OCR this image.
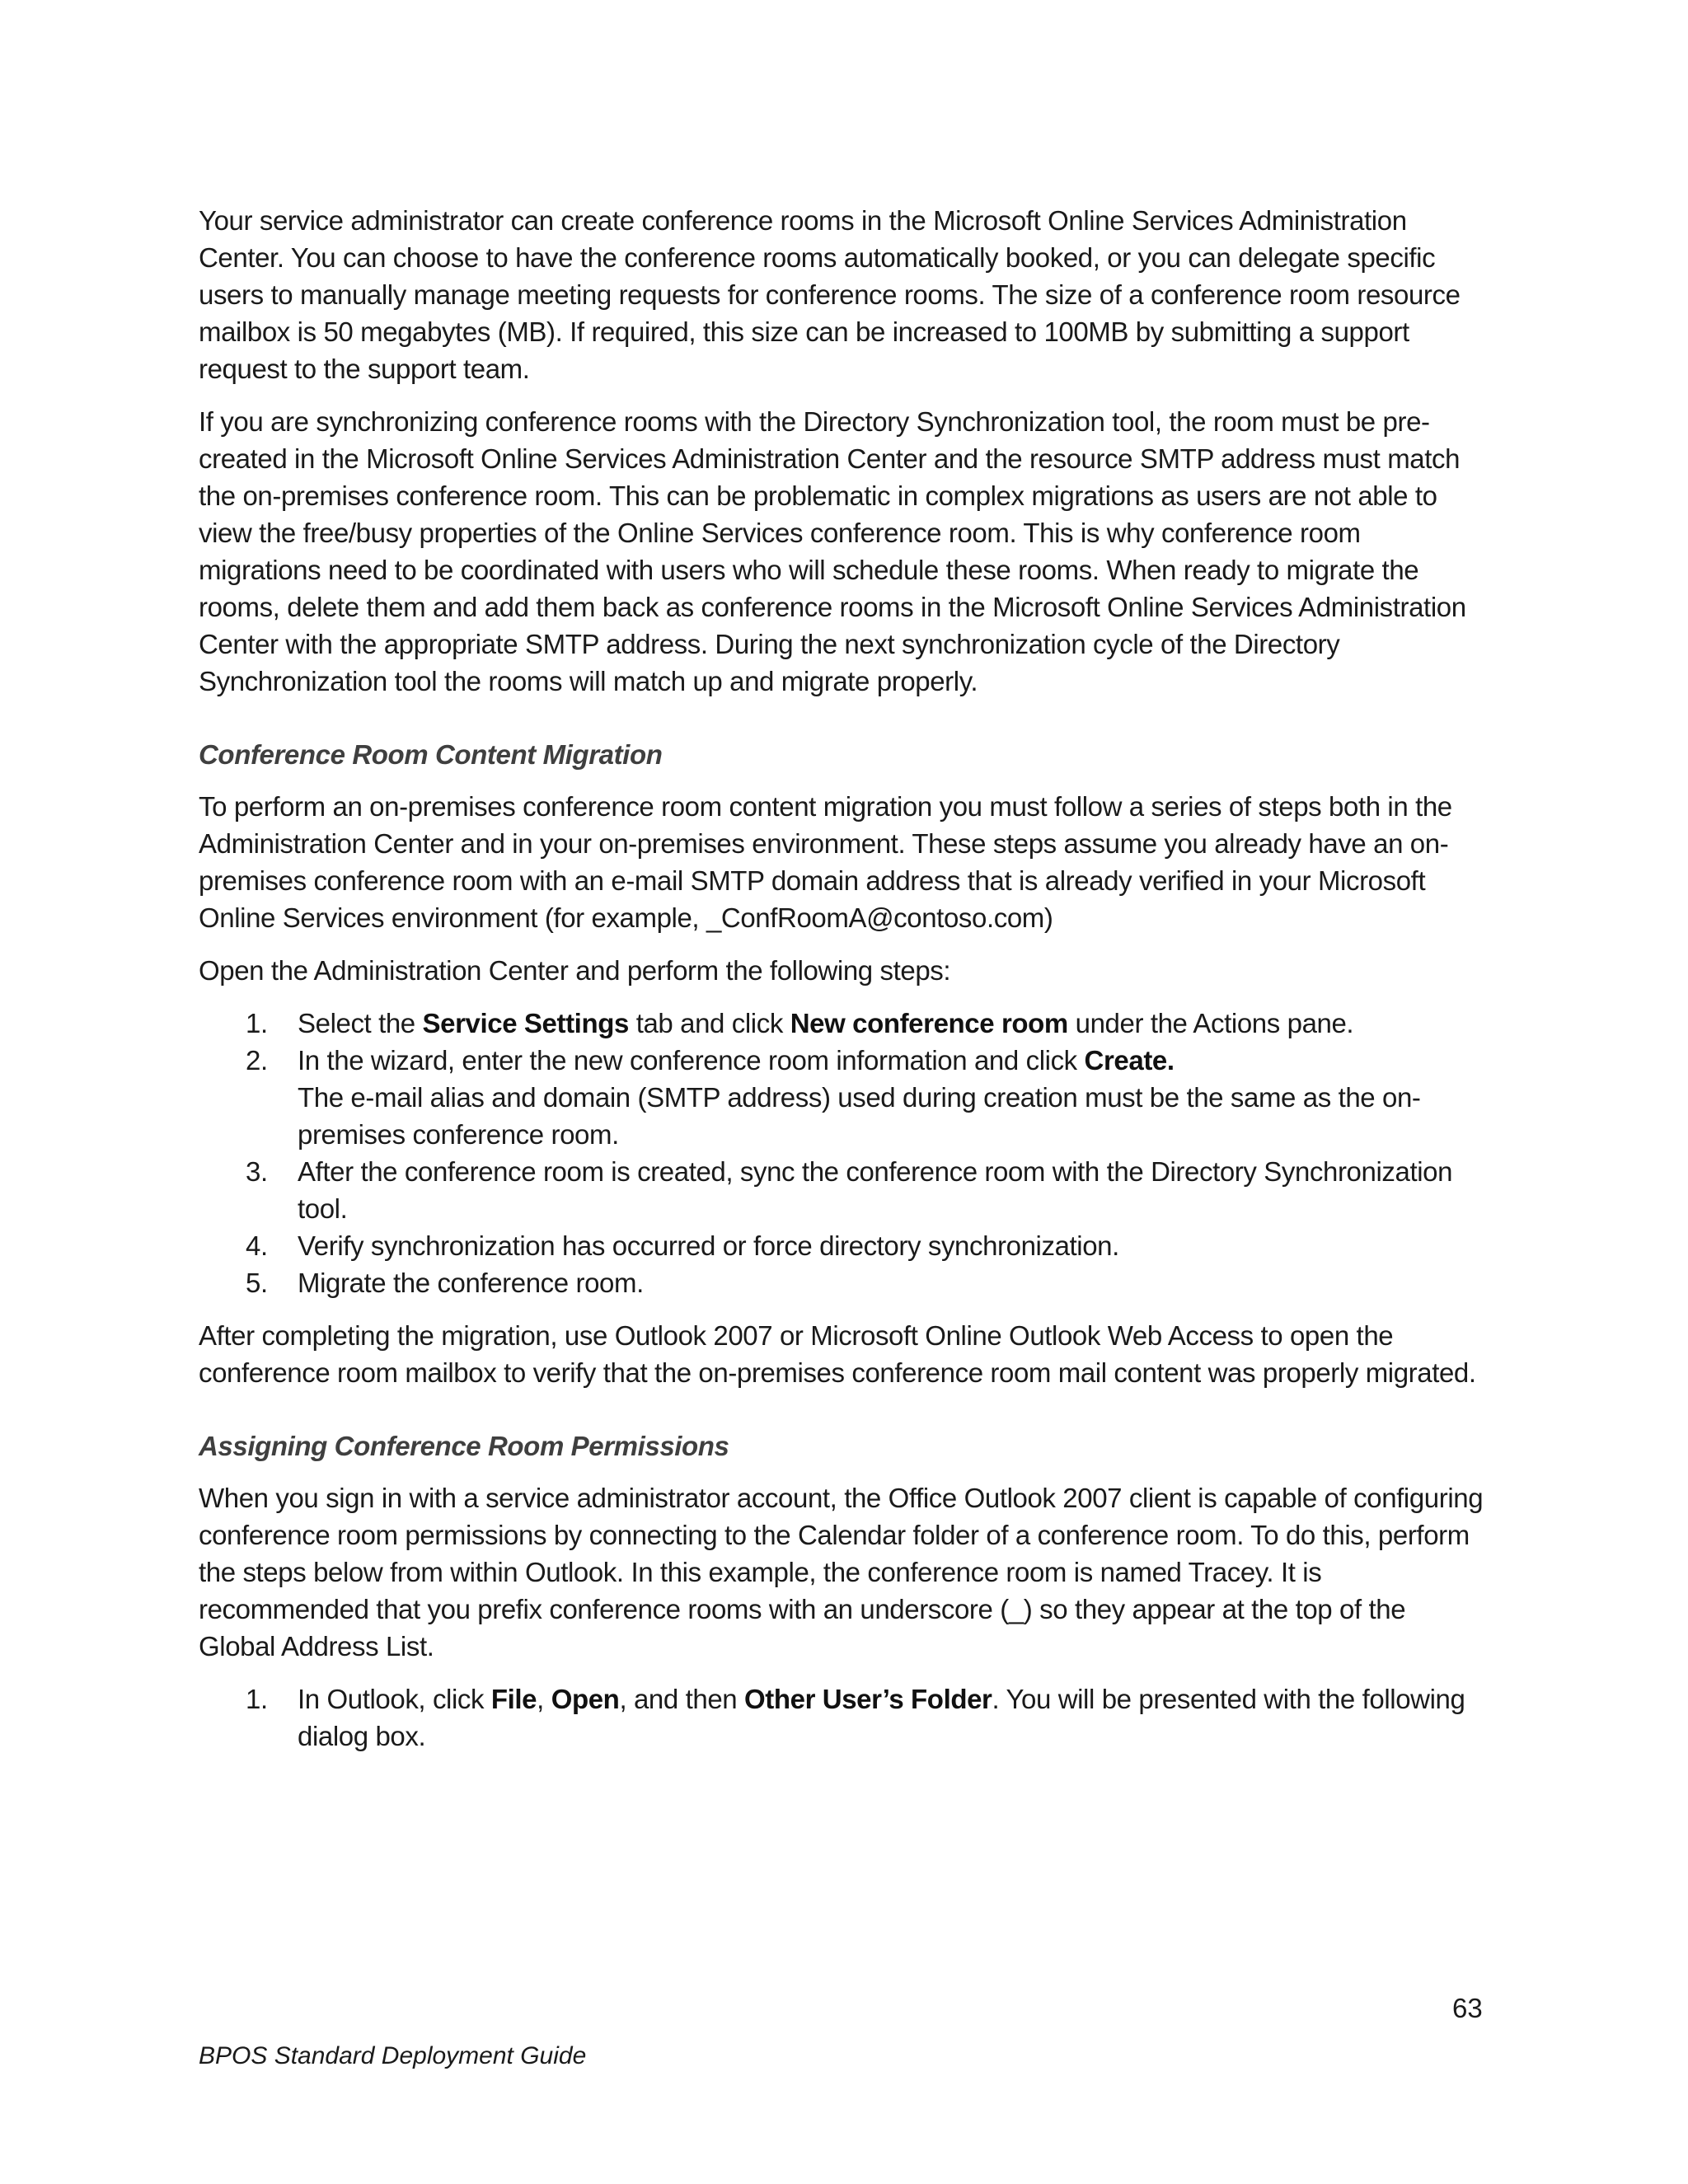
Your service administrator can create conference rooms in the Microsoft Online Services Administration Center. You can choose to have the conference rooms automatically booked, or you can delegate specific users to manually manage meeting requests for conference rooms. The size of a conference room resource mailbox is 50 megabytes (MB). If required, this size can be increased to 100MB by submitting a support request to the support team.

If you are synchronizing conference rooms with the Directory Synchronization tool, the room must be pre-created in the Microsoft Online Services Administration Center and the resource SMTP address must match the on-premises conference room. This can be problematic in complex migrations as users are not able to view the free/busy properties of the Online Services conference room. This is why conference room migrations need to be coordinated with users who will schedule these rooms. When ready to migrate the rooms, delete them and add them back as conference rooms in the Microsoft Online Services Administration Center with the appropriate SMTP address. During the next synchronization cycle of the Directory Synchronization tool the rooms will match up and migrate properly.

Conference Room Content Migration

To perform an on-premises conference room content migration you must follow a series of steps both in the Administration Center and in your on-premises environment. These steps assume you already have an on-premises conference room with an e-mail SMTP domain address that is already verified in your Microsoft Online Services environment (for example, _ConfRoomA@contoso.com)

Open the Administration Center and perform the following steps:

1.	Select the Service Settings tab and click New conference room under the Actions pane.
2.	In the wizard, enter the new conference room information and click Create.
The e-mail alias and domain (SMTP address) used during creation must be the same as the on-premises conference room.
3.	After the conference room is created, sync the conference room with the Directory Synchronization tool.
4.	Verify synchronization has occurred or force directory synchronization.
5.	Migrate the conference room.

After completing the migration, use Outlook 2007 or Microsoft Online Outlook Web Access to open the conference room mailbox to verify that the on-premises conference room mail content was properly migrated.

Assigning Conference Room Permissions

When you sign in with a service administrator account, the Office Outlook 2007 client is capable of configuring conference room permissions by connecting to the Calendar folder of a conference room. To do this, perform the steps below from within Outlook. In this example, the conference room is named Tracey. It is recommended that you prefix conference rooms with an underscore (_) so they appear at the top of the Global Address List.

1.	In Outlook, click File, Open, and then Other User’s Folder. You will be presented with the following dialog box.
63
BPOS Standard Deployment Guide
